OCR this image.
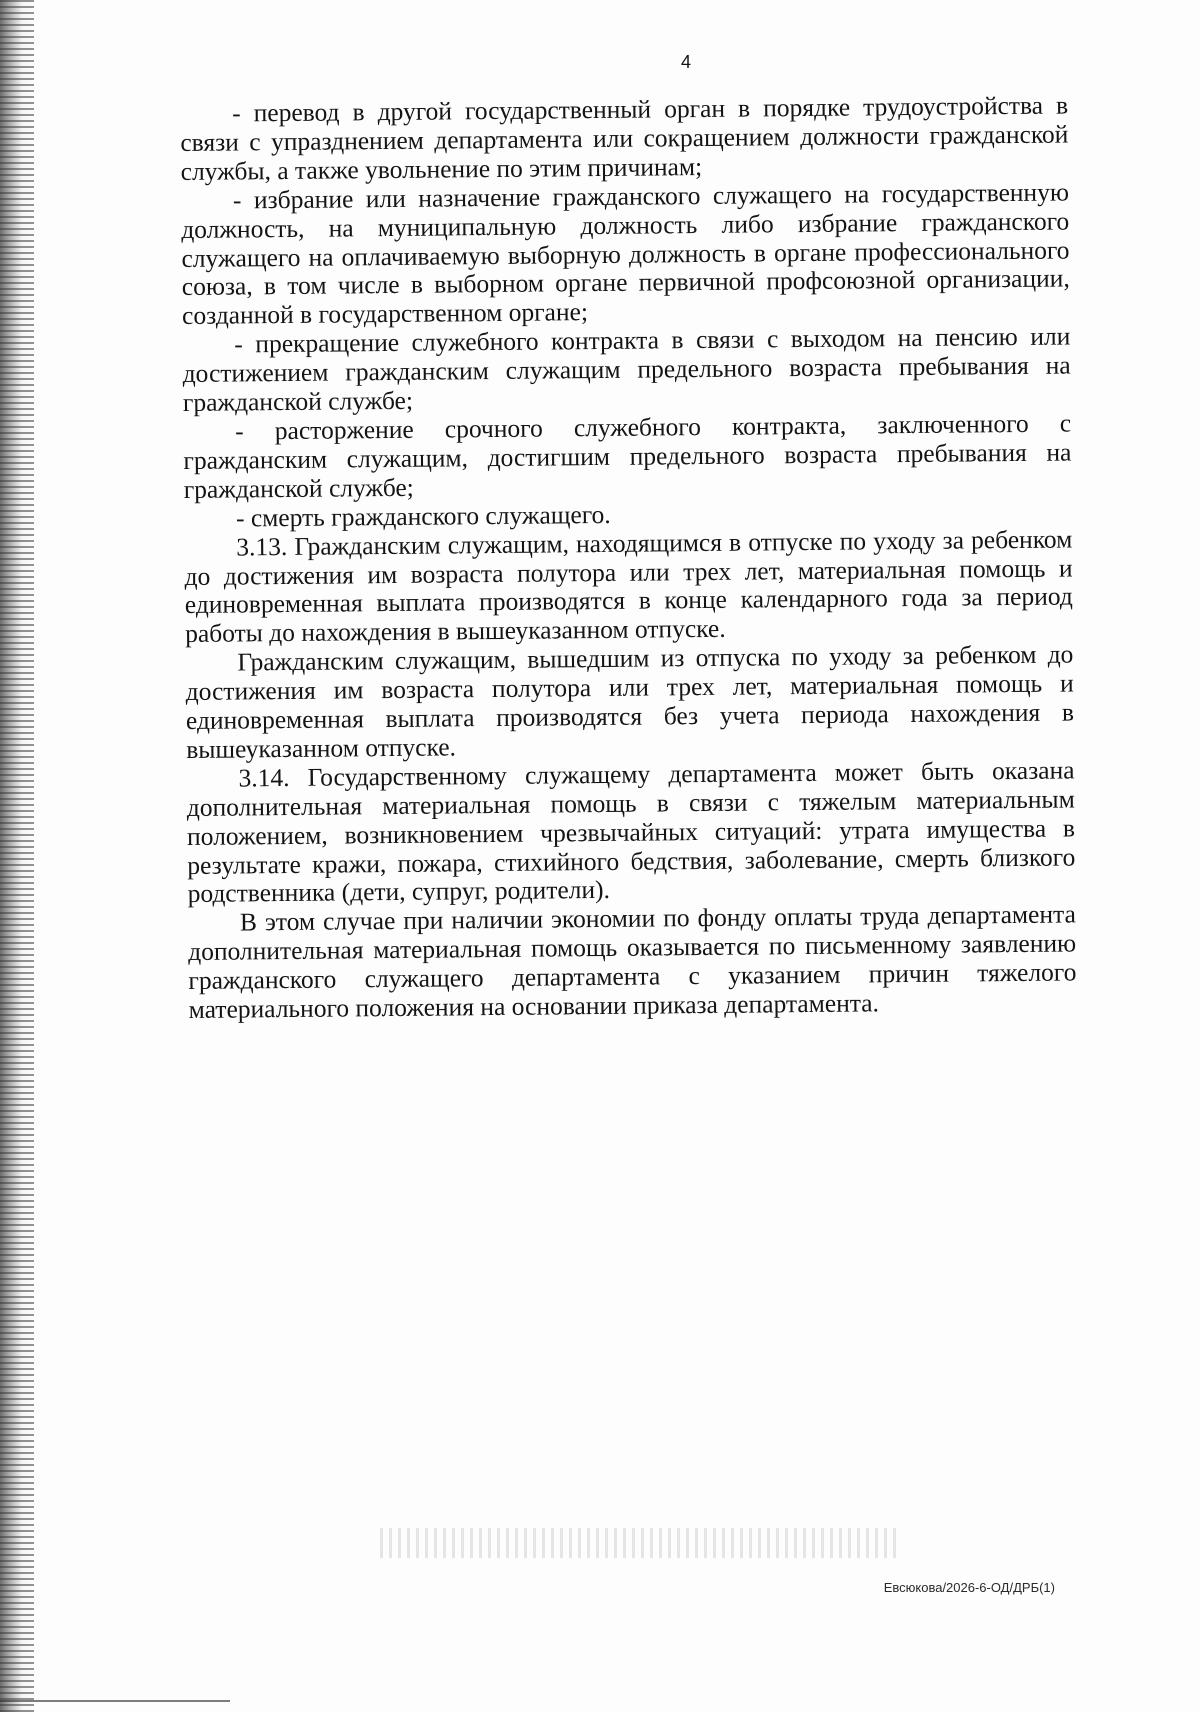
4

- перевод в другой государственный орган в порядке трудоустройства в связи с упразднением департамента или сокращением должности гражданской службы, а также увольнение по этим причинам;

- избрание или назначение гражданского служащего на государственную должность, на муниципальную должность либо избрание гражданского служащего на оплачиваемую выборную должность в органе профессионального союза, в том числе в выборном органе первичной профсоюзной организации, созданной в государственном органе;

- прекращение служебного контракта в связи с выходом на пенсию или достижением гражданским служащим предельного возраста пребывания на гражданской службе;

- расторжение срочного служебного контракта, заключенного с гражданским служащим, достигшим предельного возраста пребывания на гражданской службе;

- смерть гражданского служащего.

3.13. Гражданским служащим, находящимся в отпуске по уходу за ребенком до достижения им возраста полутора или трех лет, материальная помощь и единовременная выплата производятся в конце календарного года за период работы до нахождения в вышеуказанном отпуске.

Гражданским служащим, вышедшим из отпуска по уходу за ребенком до достижения им возраста полутора или трех лет, материальная помощь и единовременная выплата производятся без учета периода нахождения в вышеуказанном отпуске.

3.14. Государственному служащему департамента может быть оказана дополнительная материальная помощь в связи с тяжелым материальным положением, возникновением чрезвычайных ситуаций: утрата имущества в результате кражи, пожара, стихийного бедствия, заболевание, смерть близкого родственника (дети, супруг, родители).

В этом случае при наличии экономии по фонду оплаты труда департамента дополнительная материальная помощь оказывается по письменному заявлению гражданского служащего департамента с указанием причин тяжелого материального положения на основании приказа департамента.

Евсюкова/2026-6-ОД/ДРБ(1)
